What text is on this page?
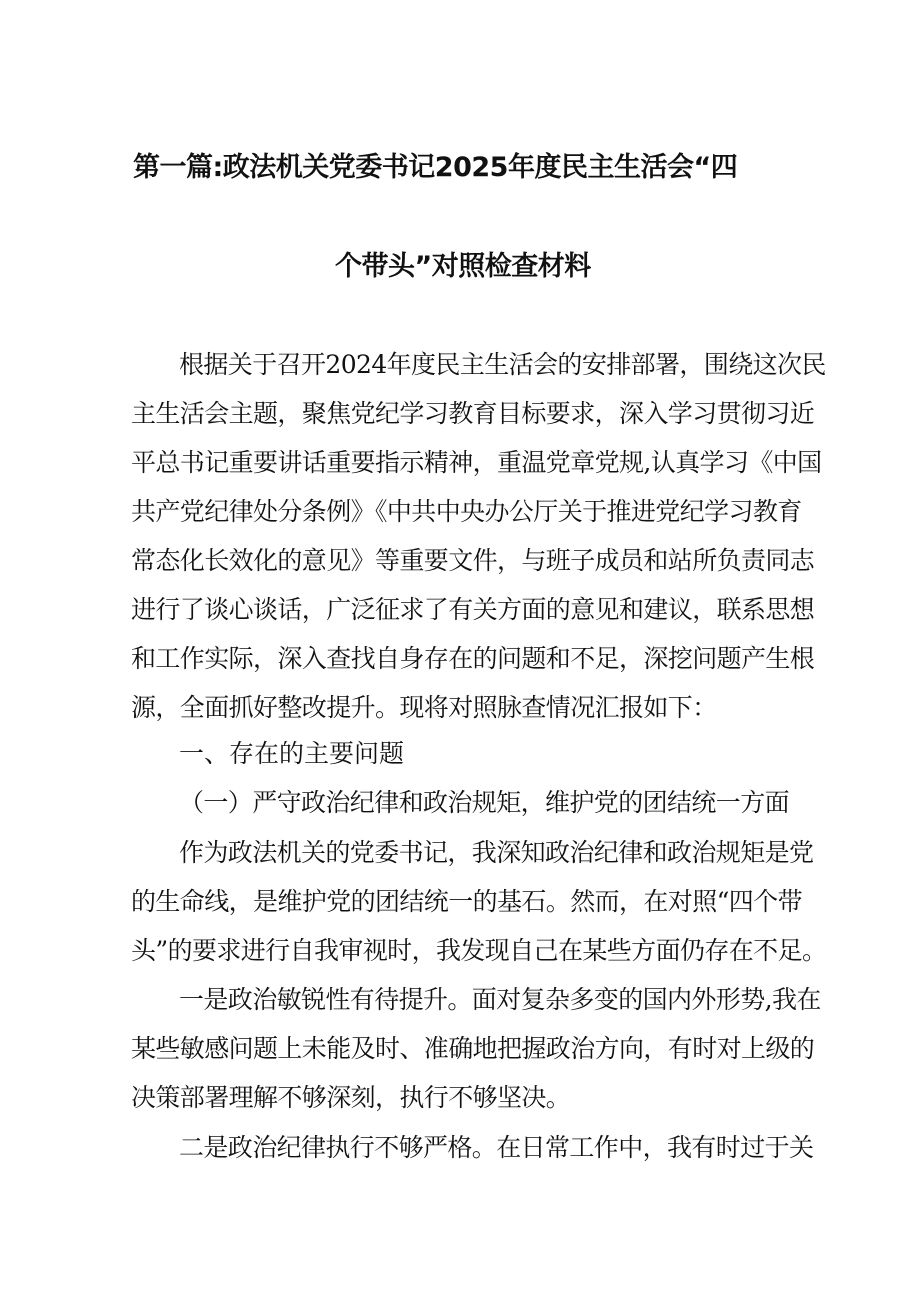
第一篇:政法机关党委书记2025年度民主生活会“四
个带头”对照检查材料
根据关于召开2024年度民主生活会的安排部署，围绕这次民
主生活会主题，聚焦党纪学习教育目标要求，深入学习贯彻习近
平总书记重要讲话重要指示精神，重温党章党规,认真学习《中国
共产党纪律处分条例》《中共中央办公厅关于推进党纪学习教育
常态化长效化的意见》等重要文件，与班子成员和站所负责同志
进行了谈心谈话，广泛征求了有关方面的意见和建议，联系思想
和工作实际，深入查找自身存在的问题和不足，深挖问题产生根
源，全面抓好整改提升。现将对照脉查情况汇报如下：
一、存在的主要问题
（一）严守政治纪律和政治规矩，维护党的团结统一方面
作为政法机关的党委书记，我深知政治纪律和政治规矩是党
的生命线，是维护党的团结统一的基石。然而，在对照“四个带
头”的要求进行自我审视时，我发现自己在某些方面仍存在不足。
一是政治敏锐性有待提升。面对复杂多变的国内外形势,我在
某些敏感问题上未能及时、准确地把握政治方向，有时对上级的
决策部署理解不够深刻，执行不够坚决。
二是政治纪律执行不够严格。在日常工作中，我有时过于关
